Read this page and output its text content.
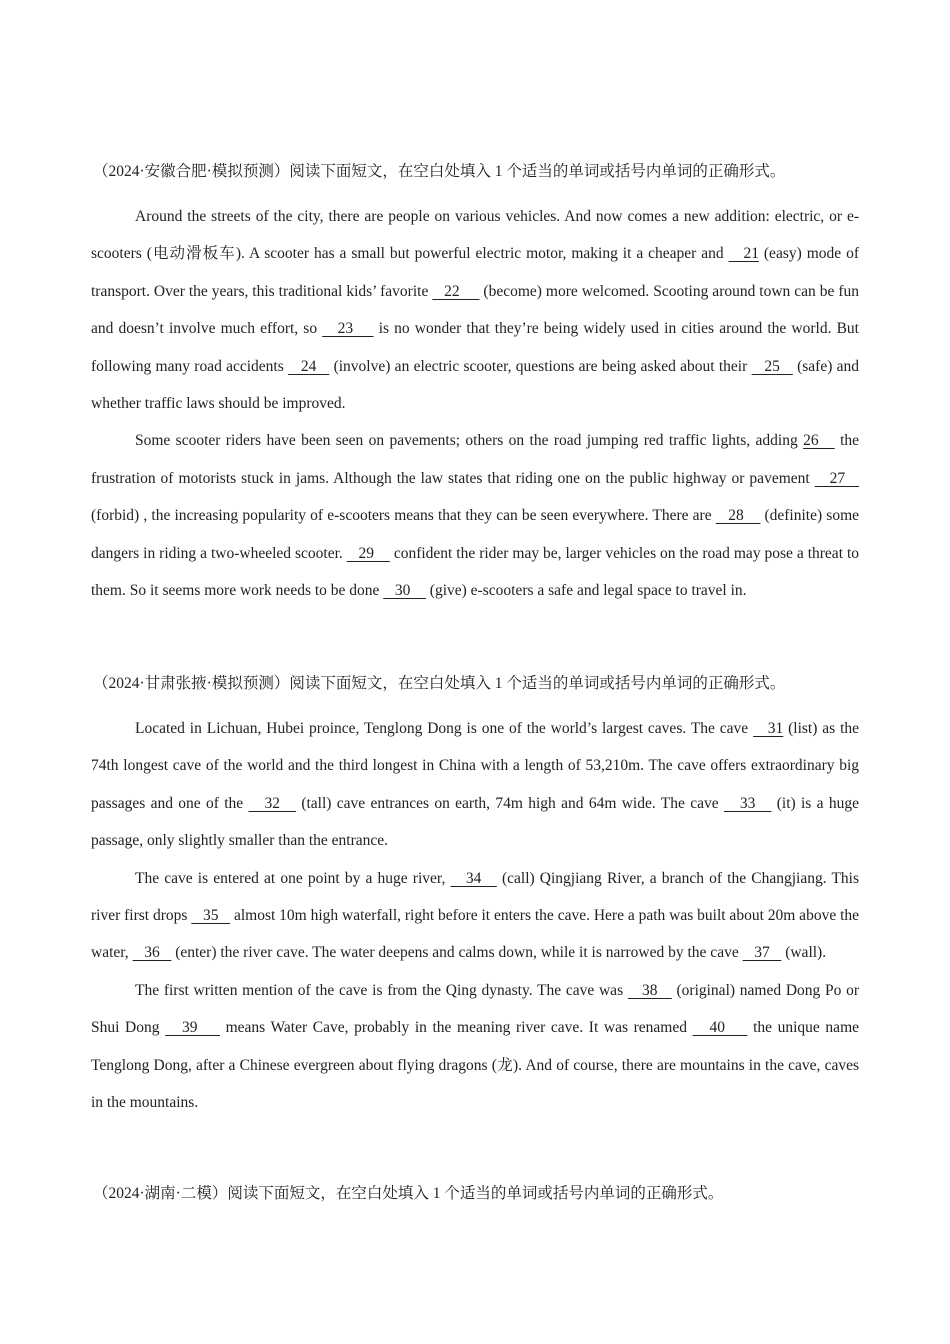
（2024·安徽合肥·模拟预测）阅读下面短文，在空白处填入 1 个适当的单词或括号内单词的正确形式。

Around the streets of the city, there are people on various vehicles. And now comes a new addition: electric, or e-scooters (电动滑板车). A scooter has a small but powerful electric motor, making it a cheaper and    21 (easy) mode of transport. Over the years, this traditional kids’ favorite    22      (become) more welcomed. Scooting around town can be fun and doesn’t involve much effort, so    23     is no wonder that they’re being widely used in cities around the world. But following many road accidents    24    (involve) an electric scooter, questions are being asked about their    25    (safe) and whether traffic laws should be improved.

Some scooter riders have been seen on pavements; others on the road jumping red traffic lights, adding 26    the frustration of motorists stuck in jams. Although the law states that riding one on the public highway or pavement    27    (forbid) , the increasing popularity of e-scooters means that they can be seen everywhere. There are    28     (definite) some dangers in riding a two-wheeled scooter.    29     confident the rider may be, larger vehicles on the road may pose a threat to them. So it seems more work needs to be done    30     (give) e-scooters a safe and legal space to travel in.

（2024·甘肃张掖·模拟预测）阅读下面短文，在空白处填入 1 个适当的单词或括号内单词的正确形式。

Located in Lichuan, Hubei proince, Tenglong Dong is one of the world’s largest caves. The cave    31 (list) as the 74th longest cave of the world and the third longest in China with a length of 53,210m. The cave offers extraordinary big passages and one of the    32    (tall) cave entrances on earth, 74m high and 64m wide. The cave    33    (it) is a huge passage, only slightly smaller than the entrance.

The cave is entered at one point by a huge river,    34    (call) Qingjiang River, a branch of the Changjiang. This river first drops    35    almost 10m high waterfall, right before it enters the cave. Here a path was built about 20m above the water,    36    (enter) the river cave. The water deepens and calms down, while it is narrowed by the cave    37    (wall).

The first written mention of the cave is from the Qing dynasty. The cave was    38    (original) named Dong Po or Shui Dong    39     means Water Cave, probably in the meaning river cave. It was renamed    40     the unique name Tenglong Dong, after a Chinese evergreen about flying dragons (龙). And of course, there are mountains in the cave, caves in the mountains.

（2024·湖南·二模）阅读下面短文，在空白处填入 1 个适当的单词或括号内单词的正确形式。
